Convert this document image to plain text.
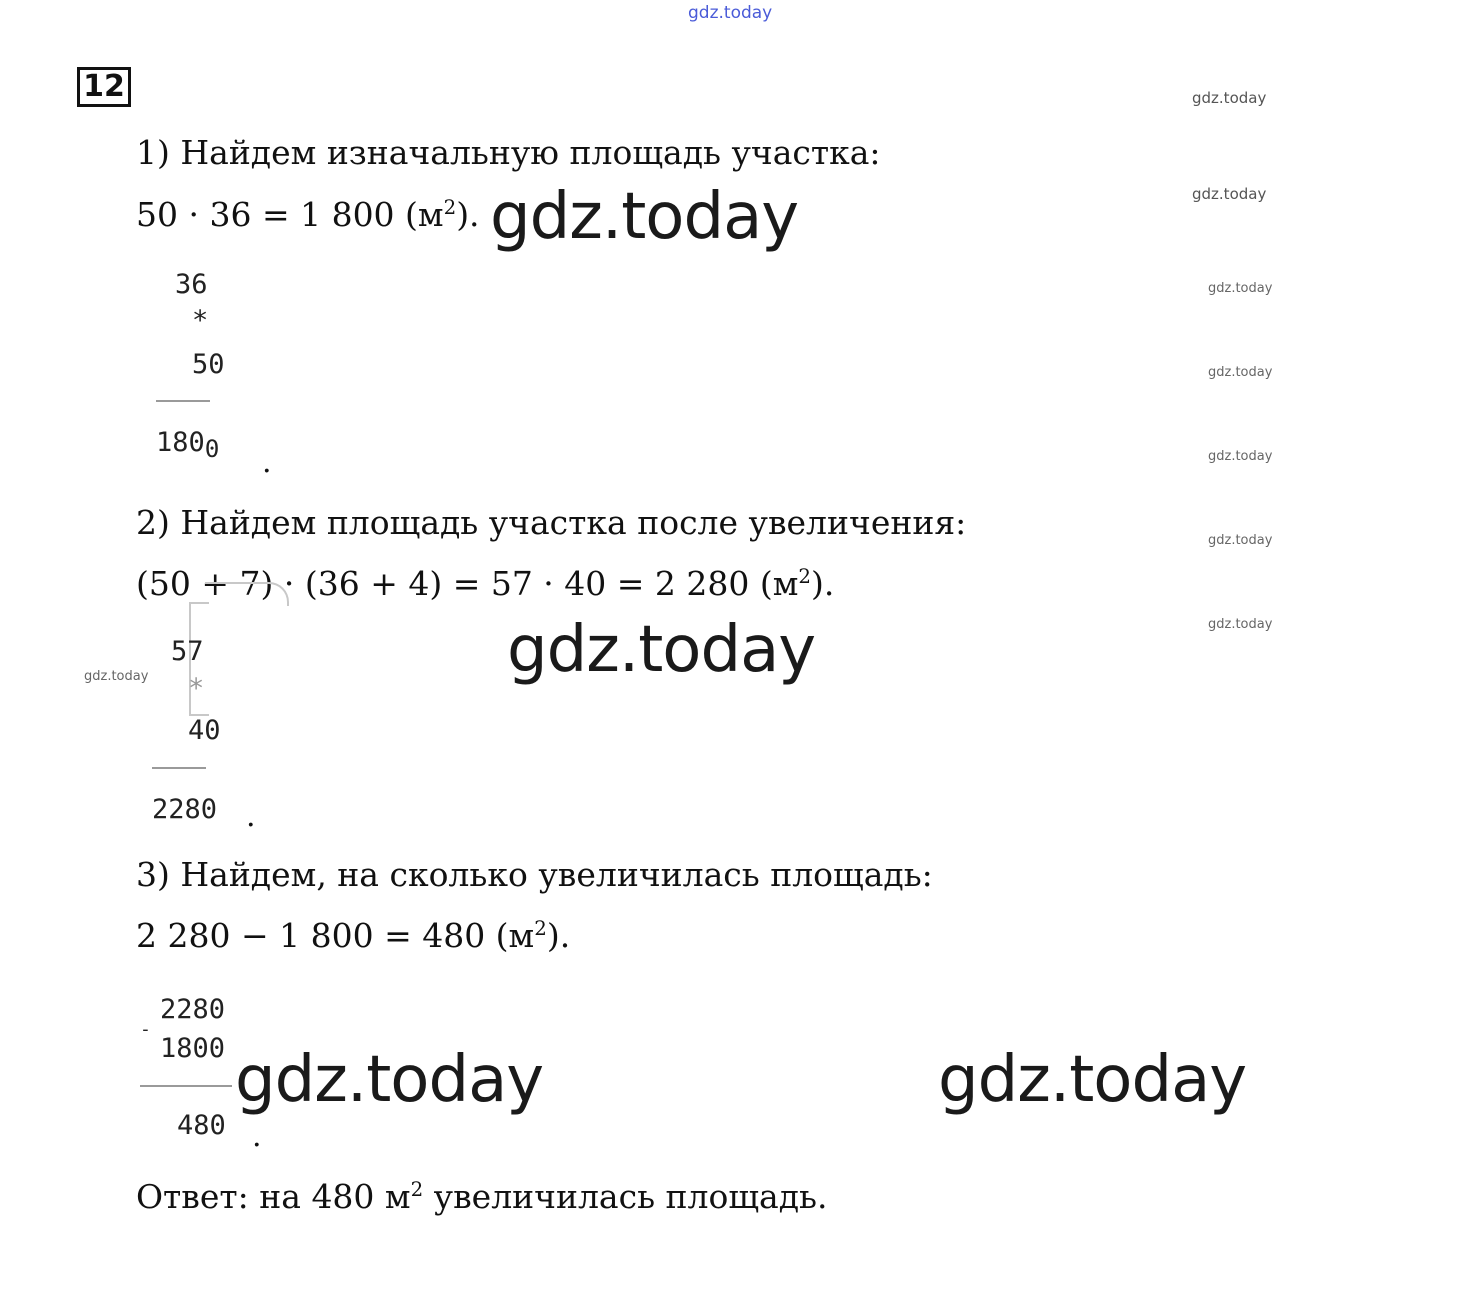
gdz.today
12
1) Найдем изначальную площадь участка:
50 · 36 = 1 800 $(м^2)$. gdz.today
36
*
50
1800 .
2) Найдем площадь участка после увеличения:
(50 + 7) · (36 + 4) = 57 · 40 = 2 280 $(м^2)$.
gdz.today
57
*
40
2280 .
3) Найдем, на сколько увеличилась площадь:
2 280 − 1 800 = 480 $(м^2)$.
-
2280
1800
480 .
gdz.today	gdz.today
Ответ: на 480 $м^2$ увеличилась площадь.
gdz.today
gdz.today
gdz.today
gdz.today
gdz.today
gdz.today
gdz.today
gdz.today
